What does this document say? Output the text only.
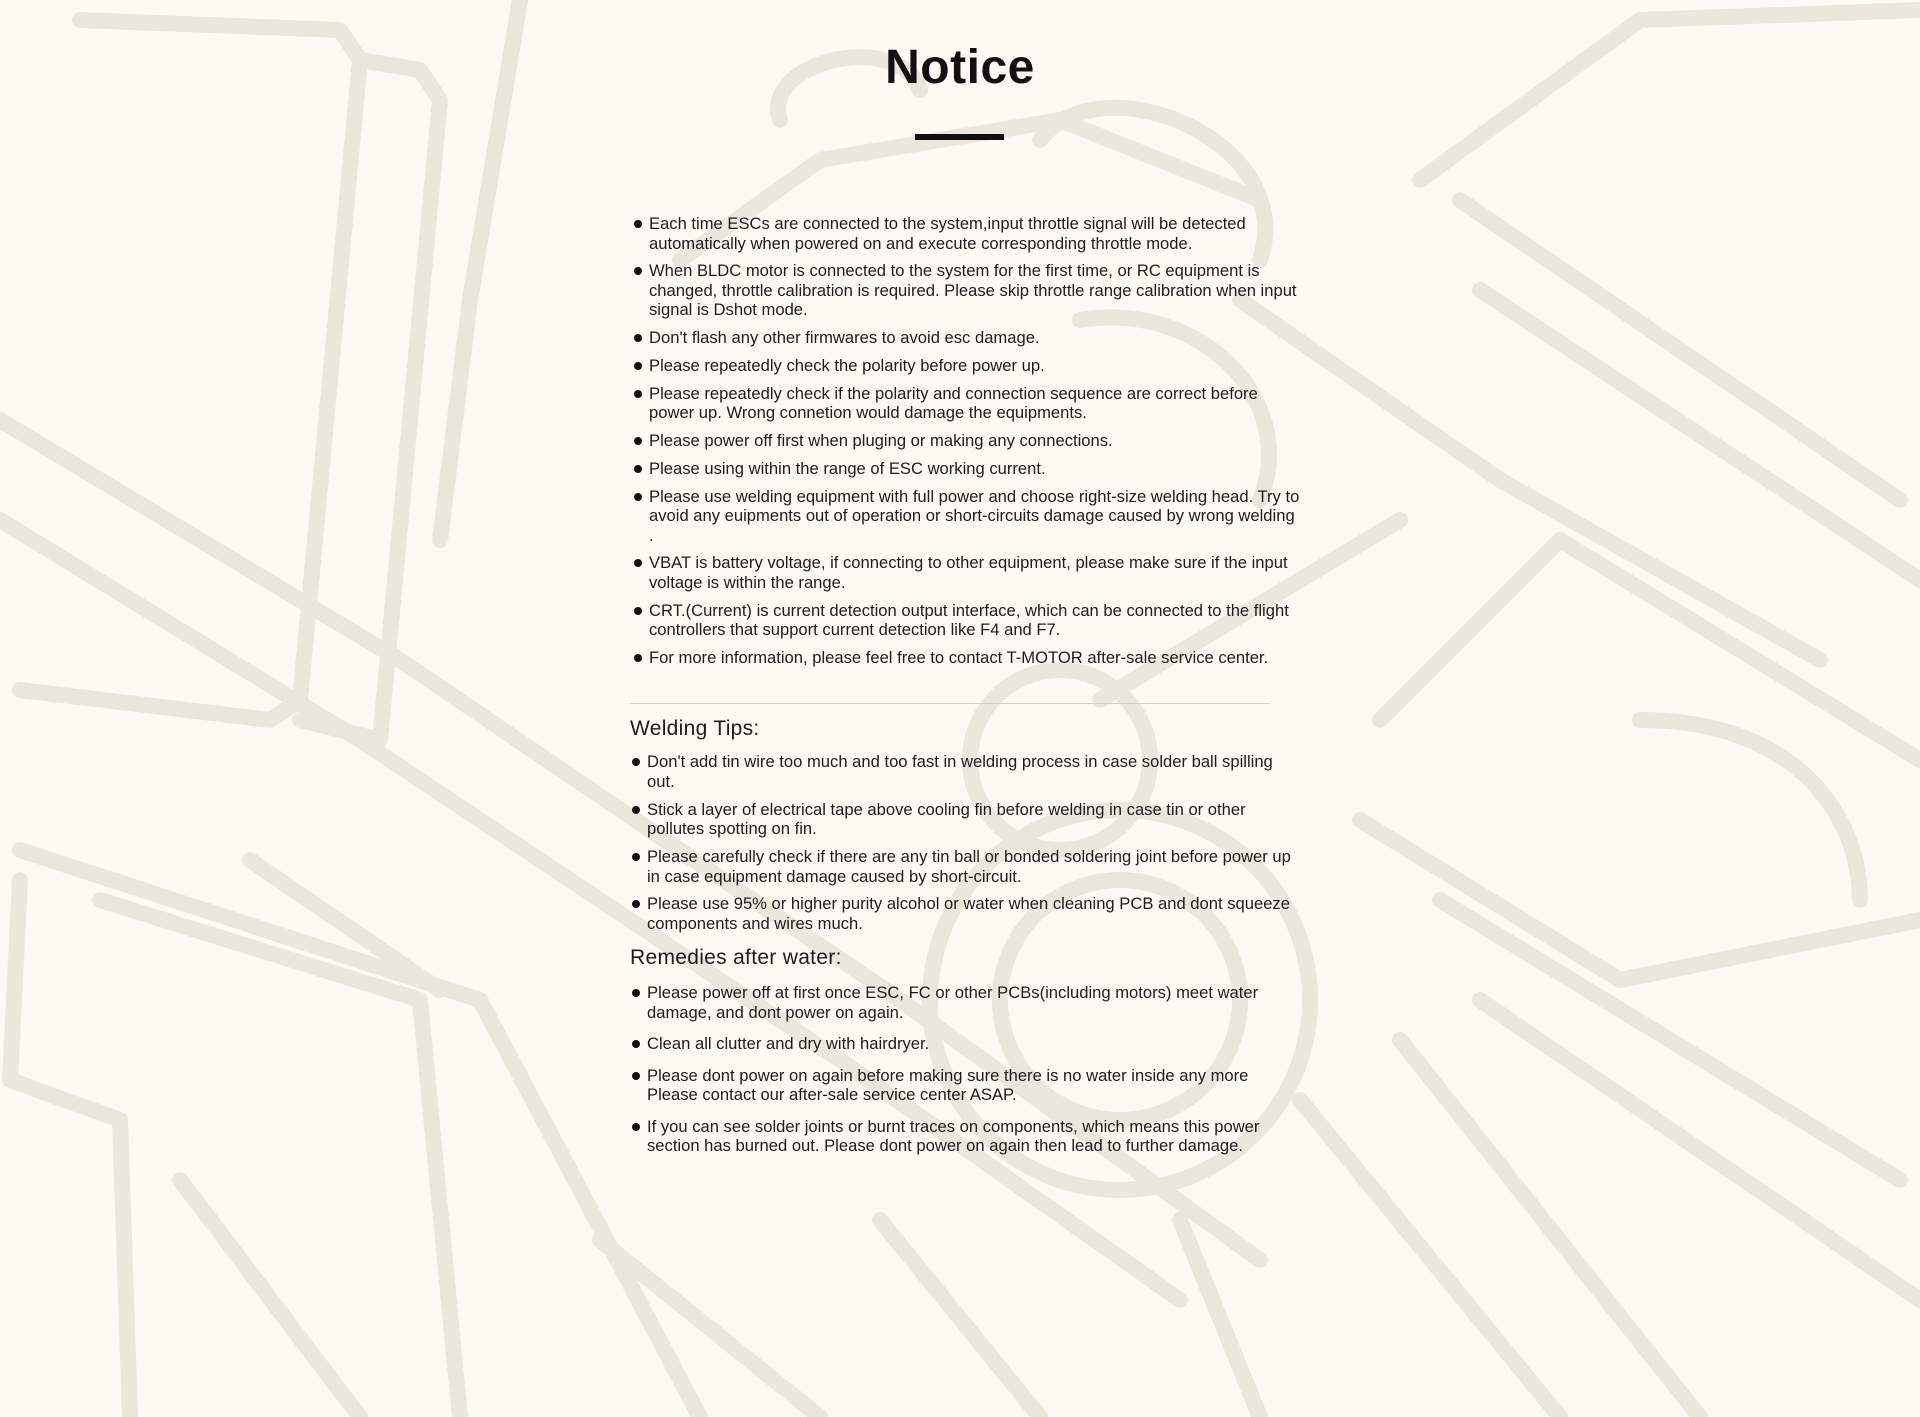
Notice
Each time ESCs are connected to the system,input throttle signal will be detected automatically when powered on and execute corresponding throttle mode.
When BLDC motor is connected to the system for the first time, or RC equipment is changed, throttle calibration is required. Please skip throttle range calibration when input signal is Dshot mode.
Don't flash any other firmwares to avoid esc damage.
Please repeatedly check the polarity before power up.
Please repeatedly check if the polarity and connection sequence are correct before power up. Wrong connetion would damage the equipments.
Please power off first when pluging or making any connections.
Please using within the range of ESC working current.
Please use welding equipment with full power and choose right-size welding head. Try to avoid any euipments out of operation or short-circuits damage caused by wrong welding .
VBAT is battery voltage, if connecting to other equipment, please make sure if the input voltage is within the range.
CRT.(Current) is current detection output interface, which can be connected to the flight controllers that support current detection like F4 and F7.
For more information, please feel free to contact T-MOTOR after-sale service center.
Welding Tips:
Don't add tin wire too much and too fast in welding process in case solder ball spilling out.
Stick a layer of electrical tape above cooling fin before welding in case tin or other pollutes spotting on fin.
Please carefully check if there are any tin ball or bonded soldering joint before power up in case equipment damage caused by short-circuit.
Please use 95% or higher purity alcohol or water when cleaning PCB and dont squeeze components and wires much.
Remedies after water:
Please power off at first once ESC, FC or other PCBs(including motors) meet water damage, and dont power on again.
Clean all clutter and dry with hairdryer.
Please dont power on again before making sure there is no water inside any more Please contact our after-sale service center ASAP.
If you can see solder joints or burnt traces on components, which means this power section has burned out. Please dont power on again then lead to further damage.
